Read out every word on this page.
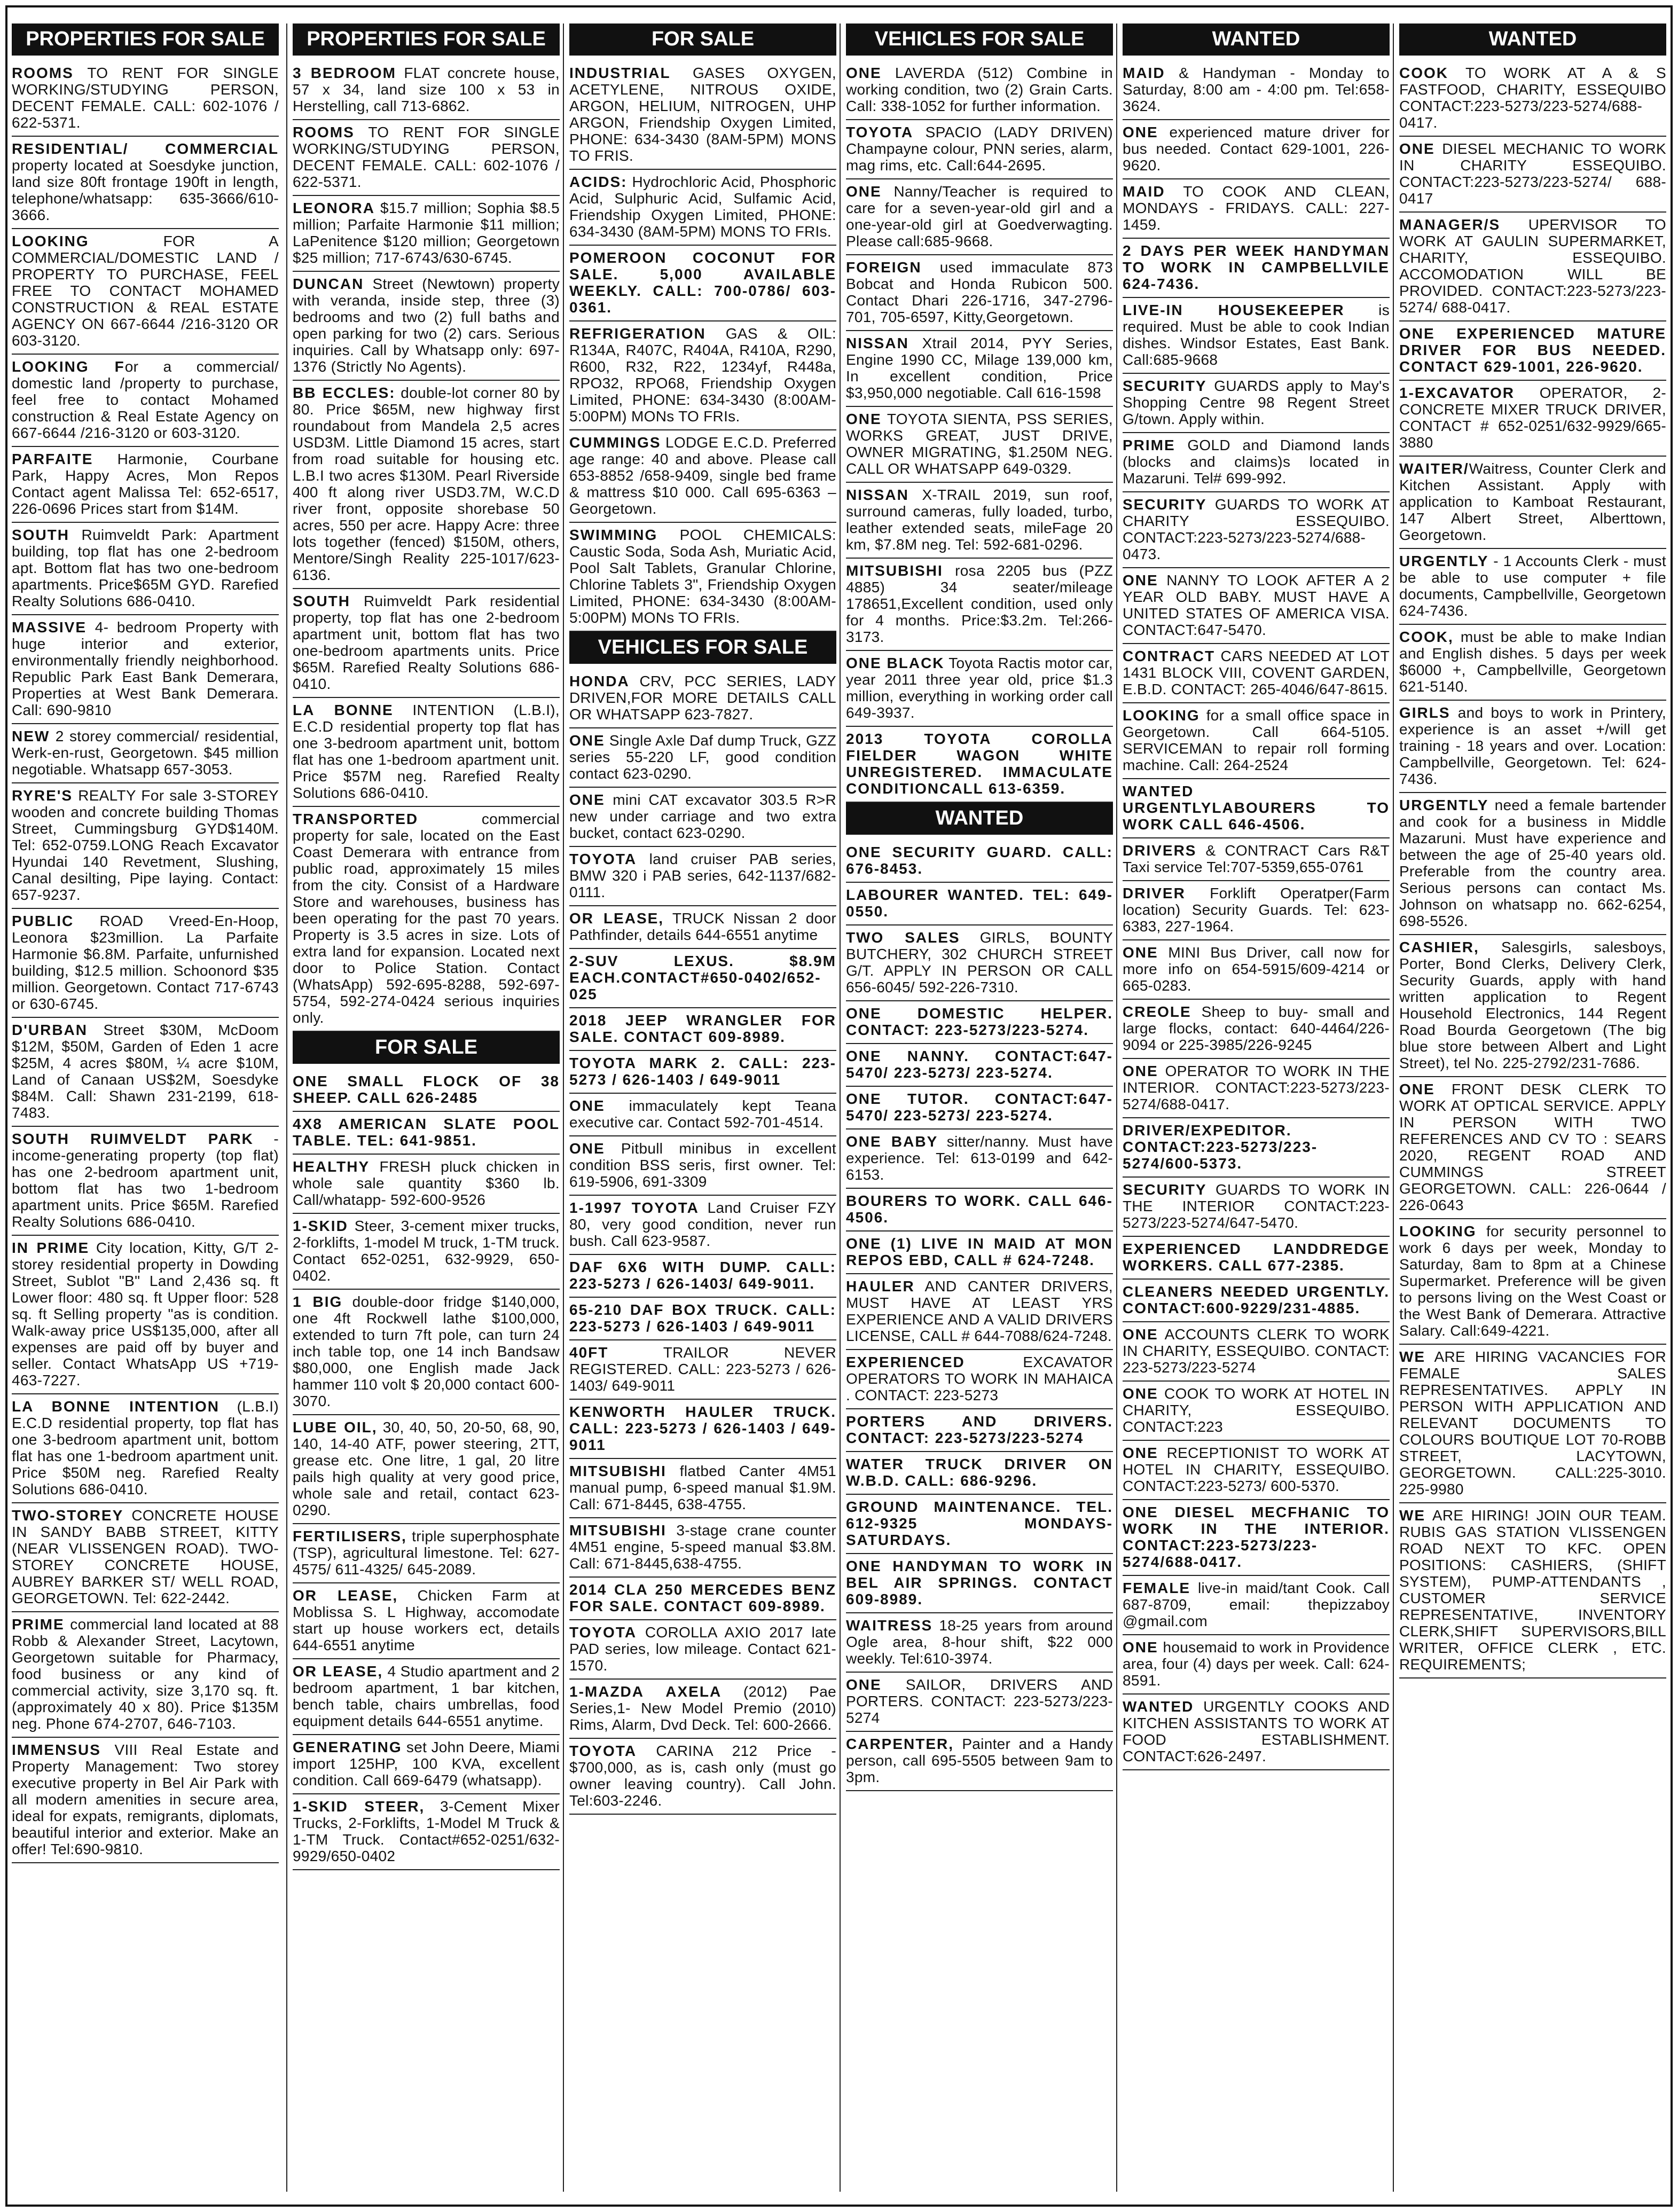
PROPERTIES FOR SALE
ROOMS TO RENT FOR SINGLE WORKING/STUDYING PERSON, DECENT FEMALE. CALL: 602-1076 / 622-5371.
RESIDENTIAL/ COMMERCIAL property located at Soesdyke junction, land size 80ft frontage 190ft in length, telephone/whatsapp: 635-3666/610-3666.
LOOKING FOR A COMMERCIAL/DOMESTIC LAND / PROPERTY TO PURCHASE, FEEL FREE TO CONTACT MOHAMED CONSTRUCTION & REAL ESTATE AGENCY ON 667-6644 /216-3120 OR 603-3120.
LOOKING For a commercial/ domestic land /property to purchase, feel free to contact Mohamed construction & Real Estate Agency on 667-6644 /216-3120 or 603-3120.
PARFAITE Harmonie, Courbane Park, Happy Acres, Mon Repos Contact agent Malissa Tel: 652-6517, 226-0696 Prices start from $14M.
SOUTH Ruimveldt Park: Apartment building, top flat has one 2-bedroom apt. Bottom flat has two one-bedroom apartments. Price$65M GYD. Rarefied Realty Solutions 686-0410.
MASSIVE 4- bedroom Property with huge interior and exterior, environmentally friendly neighborhood. Republic Park East Bank Demerara, Properties at West Bank Demerara. Call: 690-9810
NEW 2 storey commercial/ residential, Werk-en-rust, Georgetown. $45 million negotiable. Whatsapp 657-3053.
RYRE'S REALTY For sale 3-STOREY wooden and concrete building Thomas Street, Cummingsburg GYD$140M. Tel: 652-0759.LONG Reach Excavator Hyundai 140 Revetment, Slushing, Canal desilting, Pipe laying. Contact: 657-9237.
PUBLIC ROAD Vreed-En-Hoop, Leonora $23million. La Parfaite Harmonie $6.8M. Parfaite, unfurnished building, $12.5 million. Schoonord $35 million. Georgetown. Contact 717-6743 or 630-6745.
D'URBAN Street $30M, McDoom $12M, $50M, Garden of Eden 1 acre $25M, 4 acres $80M, ¼ acre $10M, Land of Canaan US$2M, Soesdyke $84M. Call: Shawn 231-2199, 618-7483.
SOUTH RUIMVELDT PARK - income-generating property (top flat) has one 2-bedroom apartment unit, bottom flat has two 1-bedroom apartment units. Price $65M. Rarefied Realty Solutions 686-0410.
IN PRIME City location, Kitty, G/T 2-storey residential property in Dowding Street, Sublot "B" Land 2,436 sq. ft Lower floor: 480 sq. ft Upper floor: 528 sq. ft Selling property "as is condition. Walk-away price US$135,000, after all expenses are paid off by buyer and seller. Contact WhatsApp US +719-463-7227.
LA BONNE INTENTION (L.B.I) E.C.D residential property, top flat has one 3-bedroom apartment unit, bottom flat has one 1-bedroom apartment unit. Price $50M neg. Rarefied Realty Solutions 686-0410.
TWO-STOREY CONCRETE HOUSE IN SANDY BABB STREET, KITTY (NEAR VLISSENGEN ROAD). TWO-STOREY CONCRETE HOUSE, AUBREY BARKER ST/ WELL ROAD, GEORGETOWN. Tel: 622-2442.
PRIME commercial land located at 88 Robb & Alexander Street, Lacytown, Georgetown suitable for Pharmacy, food business or any kind of commercial activity, size 3,170 sq. ft. (approximately 40 x 80). Price $135M neg. Phone 674-2707, 646-7103.
IMMENSUS VIII Real Estate and Property Management: Two storey executive property in Bel Air Park with all modern amenities in secure area, ideal for expats, remigrants, diplomats, beautiful interior and exterior. Make an offer! Tel:690-9810.
PROPERTIES FOR SALE
3 BEDROOM FLAT concrete house, 57 x 34, land size 100 x 53 in Herstelling, call 713-6862.
ROOMS TO RENT FOR SINGLE WORKING/STUDYING PERSON, DECENT FEMALE. CALL: 602-1076 / 622-5371.
LEONORA $15.7 million; Sophia $8.5 million; Parfaite Harmonie $11 million; LaPenitence $120 million; Georgetown $25 million; 717-6743/630-6745.
DUNCAN Street (Newtown) property with veranda, inside step, three (3) bedrooms and two (2) full baths and open parking for two (2) cars. Serious inquiries. Call by Whatsapp only: 697-1376 (Strictly No Agents).
BB ECCLES: double-lot corner 80 by 80. Price $65M, new highway first roundabout from Mandela 2,5 acres USD3M. Little Diamond 15 acres, start from road suitable for housing etc. L.B.I two acres $130M. Pearl Riverside 400 ft along river USD3.7M, W.C.D river front, opposite shorebase 50 acres, 550 per acre. Happy Acre: three lots together (fenced) $150M, others, Mentore/Singh Reality 225-1017/623-6136.
SOUTH Ruimveldt Park residential property, top flat has one 2-bedroom apartment unit, bottom flat has two one-bedroom apartments units. Price $65M. Rarefied Realty Solutions 686-0410.
LA BONNE INTENTION (L.B.I), E.C.D residential property top flat has one 3-bedroom apartment unit, bottom flat has one 1-bedroom apartment unit. Price $57M neg. Rarefied Realty Solutions 686-0410.
TRANSPORTED commercial property for sale, located on the East Coast Demerara with entrance from public road, approximately 15 miles from the city. Consist of a Hardware Store and warehouses, business has been operating for the past 70 years. Property is 3.5 acres in size. Lots of extra land for expansion. Located next door to Police Station. Contact (WhatsApp) 592-695-8288, 592-697-5754, 592-274-0424 serious inquiries only.
FOR SALE
ONE SMALL FLOCK OF 38 SHEEP. CALL 626-2485
4X8 AMERICAN SLATE POOL TABLE. TEL: 641-9851.
HEALTHY FRESH pluck chicken in whole sale quantity $360 lb. Call/whatapp- 592-600-9526
1-SKID Steer, 3-cement mixer trucks, 2-forklifts, 1-model M truck, 1-TM truck. Contact 652-0251, 632-9929, 650-0402.
1 BIG double-door fridge $140,000, one 4ft Rockwell lathe $100,000, extended to turn 7ft pole, can turn 24 inch table top, one 14 inch Bandsaw $80,000, one English made Jack hammer 110 volt $ 20,000 contact 600-3070.
LUBE OIL, 30, 40, 50, 20-50, 68, 90, 140, 14-40 ATF, power steering, 2TT, grease etc. One litre, 1 gal, 20 litre pails high quality at very good price, whole sale and retail, contact 623-0290.
FERTILISERS, triple superphosphate (TSP), agricultural limestone. Tel: 627-4575/ 611-4325/ 645-2089.
OR LEASE, Chicken Farm at Moblissa S. L Highway, accomodate start up house workers ect, details 644-6551 anytime
OR LEASE, 4 Studio apartment and 2 bedroom apartment, 1 bar kitchen, bench table, chairs umbrellas, food equipment details 644-6551 anytime.
GENERATING set John Deere, Miami import 125HP, 100 KVA, excellent condition. Call 669-6479 (whatsapp).
1-SKID STEER, 3-Cement Mixer Trucks, 2-Forklifts, 1-Model M Truck & 1-TM Truck. Contact#652-0251/632-9929/650-0402
FOR SALE
INDUSTRIAL GASES OXYGEN, ACETYLENE, NITROUS OXIDE, ARGON, HELIUM, NITROGEN, UHP ARGON, Friendship Oxygen Limited, PHONE: 634-3430 (8AM-5PM) MONS TO FRIS.
ACIDS: Hydrochloric Acid, Phosphoric Acid, Sulphuric Acid, Sulfamic Acid, Friendship Oxygen Limited, PHONE: 634-3430 (8AM-5PM) MONS TO FRIs.
POMEROON COCONUT FOR SALE. 5,000 AVAILABLE WEEKLY. CALL: 700-0786/ 603-0361.
REFRIGERATION GAS & OIL: R134A, R407C, R404A, R410A, R290, R600, R32, R22, 1234yf, R448a, RPO32, RPO68, Friendship Oxygen Limited, PHONE: 634-3430 (8:00AM-5:00PM) MONs TO FRIs.
CUMMINGS LODGE E.C.D. Preferred age range: 40 and above. Please call 653-8852 /658-9409, single bed frame & mattress $10 000. Call 695-6363 – Georgetown.
SWIMMING POOL CHEMICALS: Caustic Soda, Soda Ash, Muriatic Acid, Pool Salt Tablets, Granular Chlorine, Chlorine Tablets 3", Friendship Oxygen Limited, PHONE: 634-3430 (8:00AM-5:00PM) MONs TO FRIs.
VEHICLES FOR SALE
HONDA CRV, PCC SERIES, LADY DRIVEN,FOR MORE DETAILS CALL OR WHATSAPP 623-7827.
ONE Single Axle Daf dump Truck, GZZ series 55-220 LF, good condition contact 623-0290.
ONE mini CAT excavator 303.5 R>R new under carriage and two extra bucket, contact 623-0290.
TOYOTA land cruiser PAB series, BMW 320 i PAB series, 642-1137/682-0111.
OR LEASE, TRUCK Nissan 2 door Pathfinder, details 644-6551 anytime
2-SUV LEXUS. $8.9M EACH.CONTACT#650-0402/652-025
2018 JEEP WRANGLER FOR SALE. CONTACT 609-8989.
TOYOTA MARK 2. CALL: 223-5273 / 626-1403 / 649-9011
ONE immaculately kept Teana executive car. Contact 592-701-4514.
ONE Pitbull minibus in excellent condition BSS seris, first owner. Tel: 619-5906, 691-3309
1-1997 TOYOTA Land Cruiser FZY 80, very good condition, never run bush. Call 623-9587.
DAF 6X6 WITH DUMP. CALL: 223-5273 / 626-1403/ 649-9011.
65-210 DAF BOX TRUCK. CALL: 223-5273 / 626-1403 / 649-9011
40FT TRAILOR NEVER REGISTERED. CALL: 223-5273 / 626-1403/ 649-9011
KENWORTH HAULER TRUCK. CALL: 223-5273 / 626-1403 / 649-9011
MITSUBISHI flatbed Canter 4M51 manual pump, 6-speed manual $1.9M. Call: 671-8445, 638-4755.
MITSUBISHI 3-stage crane counter 4M51 engine, 5-speed manual $3.8M. Call: 671-8445,638-4755.
2014 CLA 250 MERCEDES BENZ FOR SALE. CONTACT 609-8989.
TOYOTA COROLLA AXIO 2017 late PAD series, low mileage. Contact 621-1570.
1-MAZDA AXELA (2012) Pae Series,1- New Model Premio (2010) Rims, Alarm, Dvd Deck. Tel: 600-2666.
TOYOTA CARINA 212 Price - $700,000, as is, cash only (must go owner leaving country). Call John. Tel:603-2246.
VEHICLES FOR SALE
ONE LAVERDA (512) Combine in working condition, two (2) Grain Carts. Call: 338-1052 for further information.
TOYOTA SPACIO (LADY DRIVEN) Champayne colour, PNN series, alarm, mag rims, etc. Call:644-2695.
ONE Nanny/Teacher is required to care for a seven-year-old girl and a one-year-old girl at Goedverwagting. Please call:685-9668.
FOREIGN used immaculate 873 Bobcat and Honda Rubicon 500. Contact Dhari 226-1716, 347-2796-701, 705-6597, Kitty,Georgetown.
NISSAN Xtrail 2014, PYY Series, Engine 1990 CC, Milage 139,000 km, In excellent condition, Price $3,950,000 negotiable. Call 616-1598
ONE TOYOTA SIENTA, PSS SERIES, WORKS GREAT, JUST DRIVE, OWNER MIGRATING, $1.250M NEG. CALL OR WHATSAPP 649-0329.
NISSAN X-TRAIL 2019, sun roof, surround cameras, fully loaded, turbo, leather extended seats, mileFage 20 km, $7.8M neg. Tel: 592-681-0296.
MITSUBISHI rosa 2205 bus (PZZ 4885) 34 seater/mileage 178651,Excellent condition, used only for 4 months. Price:$3.2m. Tel:266-3173.
ONE BLACK Toyota Ractis motor car, year 2011 three year old, price $1.3 million, everything in working order call 649-3937.
2013 TOYOTA COROLLA FIELDER WAGON WHITE UNREGISTERED. IMMACULATE CONDITIONCALL 613-6359.
WANTED
ONE SECURITY GUARD. CALL: 676-8453.
LABOURER WANTED. TEL: 649-0550.
TWO SALES GIRLS, BOUNTY BUTCHERY, 302 CHURCH STREET G/T. APPLY IN PERSON OR CALL 656-6045/ 592-226-7310.
ONE DOMESTIC HELPER. CONTACT: 223-5273/223-5274.
ONE NANNY. CONTACT:647-5470/ 223-5273/ 223-5274.
ONE TUTOR. CONTACT:647-5470/ 223-5273/ 223-5274.
ONE BABY sitter/nanny. Must have experience. Tel: 613-0199 and 642-6153.
BOURERS TO WORK. CALL 646-4506.
ONE (1) LIVE IN MAID AT MON REPOS EBD, CALL # 624-7248.
HAULER AND CANTER DRIVERS, MUST HAVE AT LEAST YRS EXPERIENCE AND A VALID DRIVERS LICENSE, CALL # 644-7088/624-7248.
EXPERIENCED EXCAVATOR OPERATORS TO WORK IN MAHAICA . CONTACT: 223-5273
PORTERS AND DRIVERS. CONTACT: 223-5273/223-5274
WATER TRUCK DRIVER ON W.B.D. CALL: 686-9296.
GROUND MAINTENANCE. TEL. 612-9325 MONDAYS-SATURDAYS.
ONE HANDYMAN TO WORK IN BEL AIR SPRINGS. CONTACT 609-8989.
WAITRESS 18-25 years from around Ogle area, 8-hour shift, $22 000 weekly. Tel:610-3974.
ONE SAILOR, DRIVERS AND PORTERS. CONTACT: 223-5273/223-5274
CARPENTER, Painter and a Handy person, call 695-5505 between 9am to 3pm.
WANTED
MAID & Handyman - Monday to Saturday, 8:00 am - 4:00 pm. Tel:658-3624.
ONE experienced mature driver for bus needed. Contact 629-1001, 226-9620.
MAID TO COOK AND CLEAN, MONDAYS - FRIDAYS. CALL: 227-1459.
2 DAYS PER WEEK HANDYMAN TO WORK IN CAMPBELLVILE 624-7436.
LIVE-IN HOUSEKEEPER is required. Must be able to cook Indian dishes. Windsor Estates, East Bank. Call:685-9668
SECURITY GUARDS apply to May's Shopping Centre 98 Regent Street G/town. Apply within.
PRIME GOLD and Diamond lands (blocks and claims)s located in Mazaruni. Tel# 699-992.
SECURITY GUARDS TO WORK AT CHARITY ESSEQUIBO. CONTACT:223-5273/223-5274/688-0473.
ONE NANNY TO LOOK AFTER A 2 YEAR OLD BABY. MUST HAVE A UNITED STATES OF AMERICA VISA. CONTACT:647-5470.
CONTRACT CARS NEEDED AT LOT 1431 BLOCK VIII, COVENT GARDEN, E.B.D. CONTACT: 265-4046/647-8615.
LOOKING for a small office space in Georgetown. Call 664-5105. SERVICEMAN to repair roll forming machine. Call: 264-2524
WANTED URGENTLYLABOURERS TO WORK CALL 646-4506.
DRIVERS & CONTRACT Cars R&T Taxi service Tel:707-5359,655-0761
DRIVER Forklift Operatper(Farm location) Security Guards. Tel: 623-6383, 227-1964.
ONE MINI Bus Driver, call now for more info on 654-5915/609-4214 or 665-0283.
CREOLE Sheep to buy- small and large flocks, contact: 640-4464/226-9094 or 225-3985/226-9245
ONE OPERATOR TO WORK IN THE INTERIOR. CONTACT:223-5273/223-5274/688-0417.
DRIVER/EXPEDITOR. CONTACT:223-5273/223-5274/600-5373.
SECURITY GUARDS TO WORK IN THE INTERIOR CONTACT:223-5273/223-5274/647-5470.
EXPERIENCED LANDDREDGE WORKERS. CALL 677-2385.
CLEANERS NEEDED URGENTLY. CONTACT:600-9229/231-4885.
ONE ACCOUNTS CLERK TO WORK IN CHARITY, ESSEQUIBO. CONTACT: 223-5273/223-5274
ONE COOK TO WORK AT HOTEL IN CHARITY, ESSEQUIBO. CONTACT:223
ONE RECEPTIONIST TO WORK AT HOTEL IN CHARITY, ESSEQUIBO. CONTACT:223-5273/ 600-5370.
ONE DIESEL MECFHANIC TO WORK IN THE INTERIOR. CONTACT:223-5273/223-5274/688-0417.
FEMALE live-in maid/tant Cook. Call 687-8709, email: thepizzaboy @gmail.com
ONE housemaid to work in Providence area, four (4) days per week. Call: 624-8591.
WANTED URGENTLY COOKS AND KITCHEN ASSISTANTS TO WORK AT FOOD ESTABLISHMENT. CONTACT:626-2497.
WANTED
COOK TO WORK AT A & S FASTFOOD, CHARITY, ESSEQUIBO CONTACT:223-5273/223-5274/688-0417.
ONE DIESEL MECHANIC TO WORK IN CHARITY ESSEQUIBO. CONTACT:223-5273/223-5274/ 688-0417
MANAGER/S UPERVISOR TO WORK AT GAULIN SUPERMARKET, CHARITY, ESSEQUIBO. ACCOMODATION WILL BE PROVIDED. CONTACT:223-5273/223-5274/ 688-0417.
ONE EXPERIENCED MATURE DRIVER FOR BUS NEEDED. CONTACT 629-1001, 226-9620.
1-EXCAVATOR OPERATOR, 2- CONCRETE MIXER TRUCK DRIVER, CONTACT # 652-0251/632-9929/665-3880
WAITER/Waitress, Counter Clerk and Kitchen Assistant. Apply with application to Kamboat Restaurant, 147 Albert Street, Alberttown, Georgetown.
URGENTLY - 1 Accounts Clerk - must be able to use computer + file documents, Campbellville, Georgetown 624-7436.
COOK, must be able to make Indian and English dishes. 5 days per week $6000 +, Campbellville, Georgetown 621-5140.
GIRLS and boys to work in Printery, experience is an asset +/will get training - 18 years and over. Location: Campbellville, Georgetown. Tel: 624-7436.
URGENTLY need a female bartender and cook for a business in Middle Mazaruni. Must have experience and between the age of 25-40 years old. Preferable from the country area. Serious persons can contact Ms. Johnson on whatsapp no. 662-6254, 698-5526.
CASHIER, Salesgirls, salesboys, Porter, Bond Clerks, Delivery Clerk, Security Guards, apply with hand written application to Regent Household Electronics, 144 Regent Road Bourda Georgetown (The big blue store between Albert and Light Street), tel No. 225-2792/231-7686.
ONE FRONT DESK CLERK TO WORK AT OPTICAL SERVICE. APPLY IN PERSON WITH TWO REFERENCES AND CV TO : SEARS 2020, REGENT ROAD AND CUMMINGS STREET GEORGETOWN. CALL: 226-0644 / 226-0643
LOOKING for security personnel to work 6 days per week, Monday to Saturday, 8am to 8pm at a Chinese Supermarket. Preference will be given to persons living on the West Coast or the West Bank of Demerara. Attractive Salary. Call:649-4221.
WE ARE HIRING VACANCIES FOR FEMALE SALES REPRESENTATIVES. APPLY IN PERSON WITH APPLICATION AND RELEVANT DOCUMENTS TO COLOURS BOUTIQUE LOT 70-ROBB STREET, LACYTOWN, GEORGETOWN. CALL:225-3010. 225-9980
WE ARE HIRING! JOIN OUR TEAM. RUBIS GAS STATION VLISSENGEN ROAD NEXT TO KFC. OPEN POSITIONS: CASHIERS, (SHIFT SYSTEM), PUMP-ATTENDANTS , CUSTOMER SERVICE REPRESENTATIVE, INVENTORY CLERK,SHIFT SUPERVISORS,BILL WRITER, OFFICE CLERK , ETC. REQUIREMENTS;
